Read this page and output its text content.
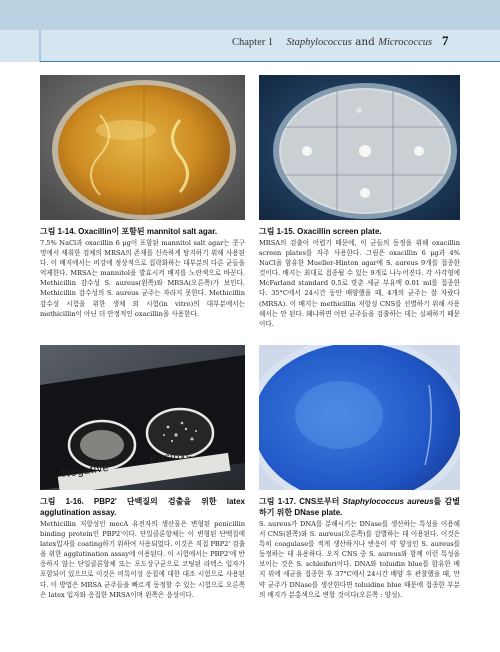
Chapter 1 Staphylococcus and Micrococcus 7
그림 1-14. Oxacillin이 포함된 mannitol salt agar.

7.5% NaCl과 oxacillin 6 μg이 포함된 mannitol salt agar는 콧구멍에서 채취한 검체의 MRSA의 존재를 신속하게 탐지하기 위해 사용된다. 이 배지에서는 비강에 정상적으로 집락화하는 대부분의 다른 균들을 억제한다. MRSA는 mannitol을 발효시켜 배지를 노란색으로 바꾼다. Methicillin 감수성 S. aureus(왼쪽)와 MRSA(오른쪽)가 보인다. Methicillin 감수성의 S. aureus 균주는 자라지 못한다. Methicillin 감수성 시험을 위한 생체 외 시험(in vitro)의 대부분에서는 methicillin이 아닌 더 안정적인 oxacillin을 사용한다.

그림 1-15. Oxacillin screen plate.

MRSA의 검출이 어렵기 때문에, 이 균들의 동정을 위해 oxacillin screen plates를 자주 사용한다. 그림은 oxacillin 6 μg과 4% NaCl을 함유한 Mueller-Hinton agar에 S. aureus 9개를 접종한 것이다. 배지는 최대로 접종될 수 있는 9개로 나누어진다. 각 사각형에 McFarland standard 0.5로 맞춘 세균 부유액 0.01 ml를 접종한다. 35°C에서 24시간 동안 배양했을 때, 4개의 균주는 잘 자랐다(MRSA). 이 배지는 methicillin 저항성 CNS를 선별하기 위해 사용해서는 안 된다. 왜냐하면 어떤 균주들을 검출하는 데는 실패하기 때문이다.

Negative
Positive
그림 1-16. PBP2' 단백질의 검출을 위한 latex agglutination assay.

Methicillin 저항성인 mecA 유전자의 생산물은 변형된 penicillin binding protein인 PBP2'이다. 단일클론항체는 이 변형된 단백질에 latex입자를 coating하기 위하여 사용되었다. 이것은 직접 PBP2' 검출을 위한 agglutination assay에 이용된다. 이 시험에서는 PBP2'에 반응하지 않는 단일클론항체 또는 포도상구균으로 코팅된 라텍스 입자가 포함되어 있으므로 이것은 비특이성 응집에 대한 대조 시험으로 사용된다. 이 방법은 MRSA 균주들을 빠르게 동정할 수 있는 시험으로 오른쪽은 latex 입자와 응집한 MRSA이며 왼쪽은 음성이다.

그림 1-17. CNS로부터 Staphylococcus aureus를 감별하기 위한 DNase plate.

S. aureus가 DNA를 분해시키는 DNase를 생산하는 특성을 이용해서 CNS(왼쪽)와 S. aureus(오른쪽)를 감별하는 데 이용된다. 이것은 특히 coagulase를 적게 생산하거나 반응이 약 양성인 S. aureus를 동정하는 데 유용하다. 오직 CNS 중 S. aureus와 함께 이런 특성을 보이는 것은 S. schleiferi이다. DNA와 toluidin blue를 함유한 배지 위에 세균을 접종한 후 37°C에서 24시간 배양 후 관찰했을 때, 만약 균주가 DNase를 생산한다면 toluidine blue 때문에 접종한 부분의 배지가 분홍색으로 변할 것이다(오른쪽 : 양성).
